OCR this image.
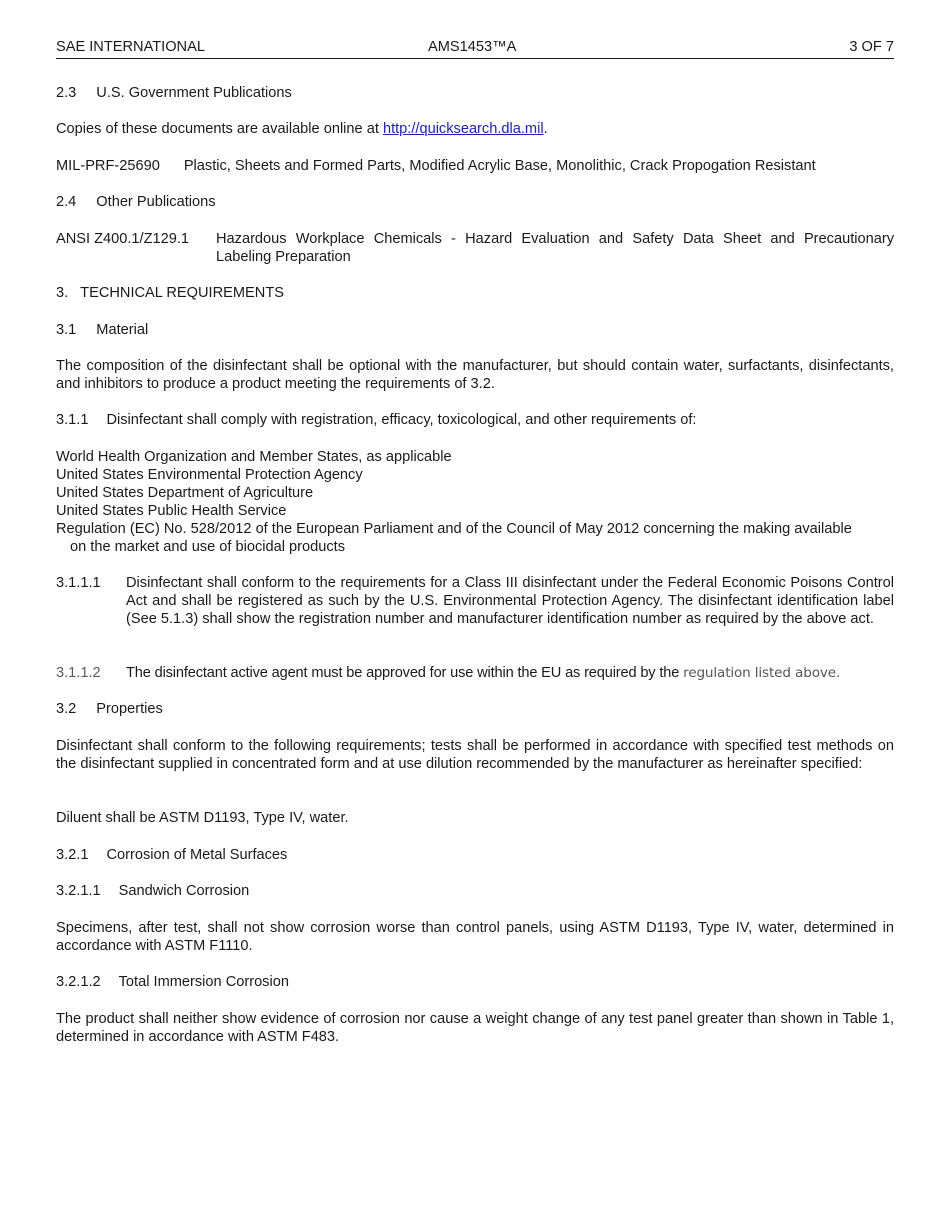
SAE INTERNATIONAL	AMS1453™A	3 OF 7
2.3 U.S. Government Publications
Copies of these documents are available online at http://quicksearch.dla.mil.
MIL-PRF-25690 Plastic, Sheets and Formed Parts, Modified Acrylic Base, Monolithic, Crack Propogation Resistant
2.4 Other Publications
ANSI Z400.1/Z129.1 Hazardous Workplace Chemicals - Hazard Evaluation and Safety Data Sheet and Precautionary Labeling Preparation
3. TECHNICAL REQUIREMENTS
3.1 Material

The composition of the disinfectant shall be optional with the manufacturer, but should contain water, surfactants, disinfectants, and inhibitors to produce a product meeting the requirements of 3.2.

3.1.1 Disinfectant shall comply with registration, efficacy, toxicological, and other requirements of:
World Health Organization and Member States, as applicable
United States Environmental Protection Agency
United States Department of Agriculture
United States Public Health Service
Regulation (EC) No. 528/2012 of the European Parliament and of the Council of May 2012 concerning the making available
on the market and use of biocidal products
3.1.1.1 Disinfectant shall conform to the requirements for a Class III disinfectant under the Federal Economic Poisons Control Act and shall be registered as such by the U.S. Environmental Protection Agency. The disinfectant identification label (See 5.1.3) shall show the registration number and manufacturer identification number as required by the above act.
3.1.1.2 The disinfectant active agent must be approved for use within the EU as required by the regulation listed above.
3.2 Properties

Disinfectant shall conform to the following requirements; tests shall be performed in accordance with specified test methods on the disinfectant supplied in concentrated form and at use dilution recommended by the manufacturer as hereinafter specified:

Diluent shall be ASTM D1193, Type IV, water.
3.2.1 Corrosion of Metal Surfaces
3.2.1.1 Sandwich Corrosion

Specimens, after test, shall not show corrosion worse than control panels, using ASTM D1193, Type IV, water, determined in accordance with ASTM F1110.

3.2.1.2 Total Immersion Corrosion

The product shall neither show evidence of corrosion nor cause a weight change of any test panel greater than shown in Table 1, determined in accordance with ASTM F483.
